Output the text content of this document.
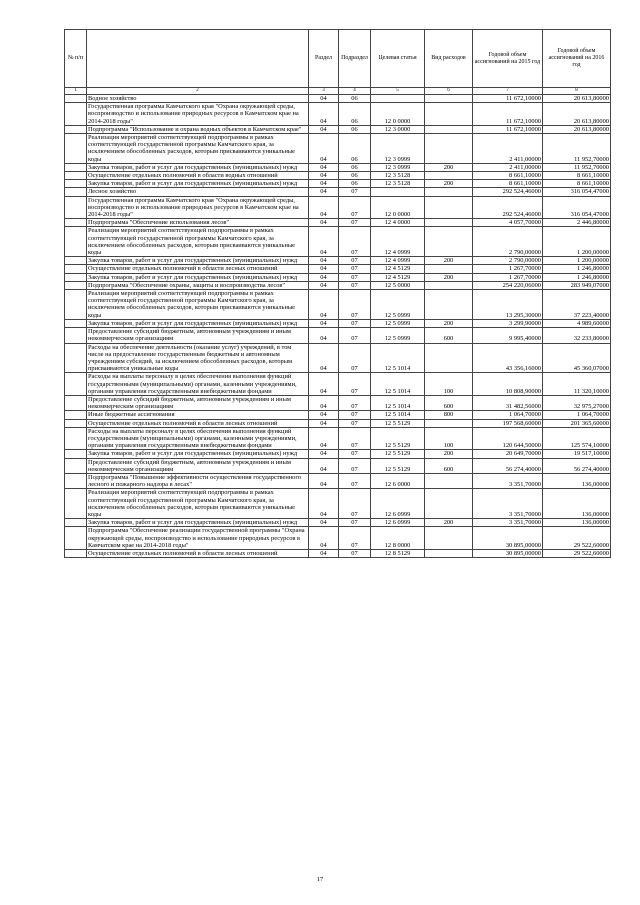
№ п/п		Раздел	Подраздел	Целевая статья	Вид расходов	Годовой объем ассигнований на 2015 год	Годовой объем ассигнований на 2016 год
1	2	3	4	5	6	7	8
	Водное хозяйство	04	06			11 672,10000	20 613,80000
	Государственная программа Камчатского края "Охрана окружающей среды, воспроизводство и использование природных ресурсов в Камчатском крае на 2014-2018 годы"	04	06	12 0 0000		11 672,10000	20 613,80000
	Подпрограмма "Использование и охрана водных объектов в Камчатском крае"	04	06	12 3 0000		11 672,10000	20 613,80000
	Реализация мероприятий соответствующей подпрограммы в рамках соответствующей государственной программы Камчатского края, за исключением обособленных расходов, которым присваиваются уникальные коды	04	06	12 3 0999		2 411,00000	11 952,70000
	Закупка товаров, работ и услуг для государственных (муниципальных) нужд	04	06	12 3 0999	200	2 411,00000	11 952,70000
	Осуществление отдельных полномочий в области водных отношений	04	06	12 3 5128		8 661,10000	8 661,10000
	Закупка товаров, работ и услуг для государственных (муниципальных) нужд	04	06	12 3 5128	200	8 661,10000	8 661,10000
	Лесное хозяйство	04	07			292 524,46000	316 054,47000
	Государственная программа Камчатского края "Охрана окружающей среды, воспроизводство и использование природных ресурсов в Камчатском крае на 2014-2018 годы"	04	07	12 0 0000		292 524,46000	316 054,47000
	Подпрограмма "Обеспечение использования лесов"	04	07	12 4 0000		4 057,70000	2 446,80000
	Реализация мероприятий соответствующей подпрограммы в рамках соответствующей государственной программы Камчатского края, за исключением обособленных расходов, которым присваиваются уникальные коды	04	07	12 4 0999		2 790,00000	1 200,00000
	Закупка товаров, работ и услуг для государственных (муниципальных) нужд	04	07	12 4 0999	200	2 790,00000	1 200,00000
	Осуществление отдельных полномочий в области лесных отношений	04	07	12 4 5129		1 267,70000	1 246,80000
	Закупка товаров, работ и услуг для государственных (муниципальных) нужд	04	07	12 4 5129	200	1 267,70000	1 246,80000
	Подпрограмма "Обеспечение охраны, защиты и воспроизводства лесов"	04	07	12 5 0000		254 220,06000	283 949,07000
	Реализация мероприятий соответствующей подпрограммы в рамках соответствующей государственной программы Камчатского края, за исключением обособленных расходов, которым присваиваются уникальные коды	04	07	12 5 0999		13 295,30000	37 223,40000
	Закупка товаров, работ и услуг для государственных (муниципальных) нужд	04	07	12 5 0999	200	3 299,90000	4 989,60000
	Предоставление субсидий бюджетным, автономным учреждениям и иным некоммерческим организациям	04	07	12 5 0999	600	9 995,40000	32 233,80000
	Расходы на обеспечение деятельности (оказание услуг) учреждений, в том числе на предоставление государственным бюджетным и автономным учреждениям субсидий, за исключением обособленных расходов, которым присваиваются уникальные коды	04	07	12 5 1014		43 356,16000	45 360,07000
	Расходы на выплаты персоналу в целях обеспечения выполнения функций государственными (муниципальными) органами, казенными учреждениями, органами управления государственными внебюджетными фондами	04	07	12 5 1014	100	10 808,90000	11 320,10000
	Предоставление субсидий бюджетным, автономным учреждениям и иным некоммерческим организациям	04	07	12 5 1014	600	31 482,56000	32 975,27000
	Иные бюджетные ассигнования	04	07	12 5 1014	800	1 064,70000	1 064,70000
	Осуществление отдельных полномочий в области лесных отношений	04	07	12 5 5129		197 568,60000	201 365,60000
	Расходы на выплаты персоналу в целях обеспечения выполнения функций государственными (муниципальными) органами, казенными учреждениями, органами управления государственными внебюджетными фондами	04	07	12 5 5129	100	120 644,50000	125 574,10000
	Закупка товаров, работ и услуг для государственных (муниципальных) нужд	04	07	12 5 5129	200	20 649,70000	19 517,10000
	Предоставление субсидий бюджетным, автономным учреждениям и иным некоммерческим организациям	04	07	12 5 5129	600	56 274,40000	56 274,40000
	Подпрограмма "Повышение эффективности осуществления государственного лесного и пожарного надзора в лесах"	04	07	12 6 0000		3 351,70000	136,00000
	Реализация мероприятий соответствующей подпрограммы в рамках соответствующей государственной программы Камчатского края, за исключением обособленных расходов, которым присваиваются уникальные коды	04	07	12 6 0999		3 351,70000	136,00000
	Закупка товаров, работ и услуг для государственных (муниципальных) нужд	04	07	12 6 0999	200	3 351,70000	136,00000
	Подпрограмма "Обеспечение реализации государственной программы "Охрана окружающей среды, воспроизводство и использование природных ресурсов в Камчатском крае на 2014-2018 годы"	04	07	12 8 0000		30 895,00000	29 522,60000
	Осуществление отдельных полномочий в области лесных отношений	04	07	12 8 5129		30 895,00000	29 522,60000
17
